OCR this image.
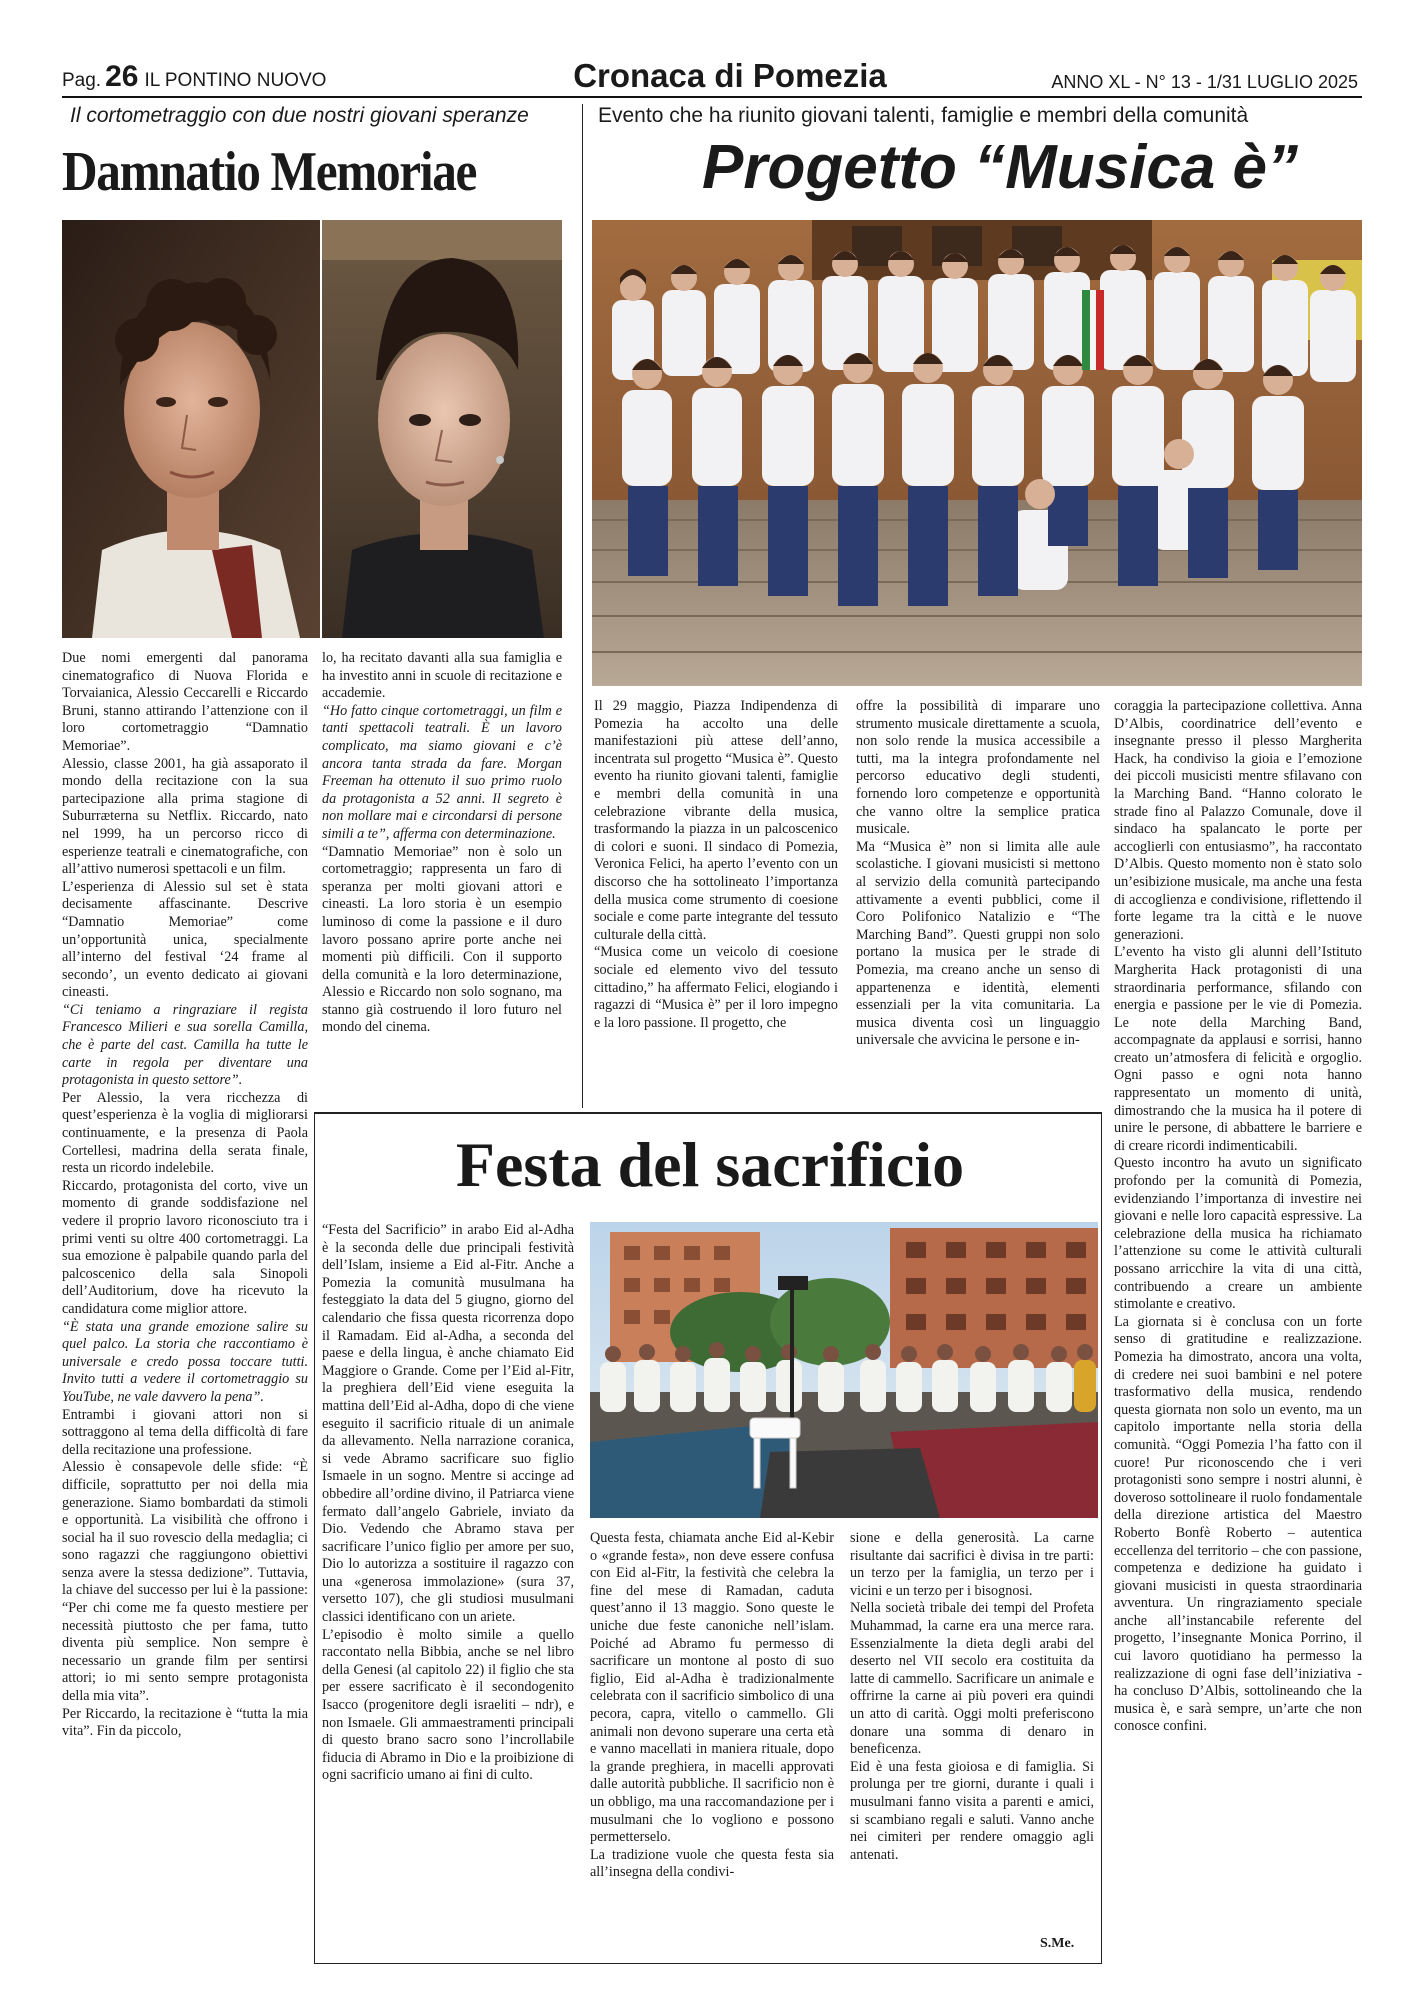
Pag. 26 IL PONTINO NUOVO	Cronaca di Pomezia	ANNO XL - N° 13 - 1/31 LUGLIO 2025
Il cortometraggio con due nostri giovani speranze
Damnatio Memoriae

Due nomi emergenti dal panorama cinematografico di Nuova Florida e Torvaianica, Alessio Ceccarelli e Riccardo Bruni, stanno attirando l’attenzione con il loro cortometraggio “Damnatio Memoriae”.

Alessio, classe 2001, ha già assaporato il mondo della recitazione con la sua partecipazione alla prima stagione di Suburræterna su Netflix. Riccardo, nato nel 1999, ha un percorso ricco di esperienze teatrali e cinematografiche, con all’attivo numerosi spettacoli e un film.

L’esperienza di Alessio sul set è stata decisamente affascinante. Descrive “Damnatio Memoriae” come un’opportunità unica, specialmente all’interno del festival ‘24 frame al secondo’, un evento dedicato ai giovani cineasti.

“Ci teniamo a ringraziare il regista Francesco Milieri e sua sorella Camilla, che è parte del cast. Camilla ha tutte le carte in regola per diventare una protagonista in questo settore”.

Per Alessio, la vera ricchezza di quest’esperienza è la voglia di migliorarsi continuamente, e la presenza di Paola Cortellesi, madrina della serata finale, resta un ricordo indelebile.

Riccardo, protagonista del corto, vive un momento di grande soddisfazione nel vedere il proprio lavoro riconosciuto tra i primi venti su oltre 400 cortometraggi. La sua emozione è palpabile quando parla del palcoscenico della sala Sinopoli dell’Auditorium, dove ha ricevuto la candidatura come miglior attore.

“È stata una grande emozione salire su quel palco. La storia che raccontiamo è universale e credo possa toccare tutti. Invito tutti a vedere il cortometraggio su YouTube, ne vale davvero la pena”.

Entrambi i giovani attori non si sottraggono al tema della difficoltà di fare della recitazione una professione.

Alessio è consapevole delle sfide: “È difficile, soprattutto per noi della mia generazione. Siamo bombardati da stimoli e opportunità. La visibilità che offrono i social ha il suo rovescio della medaglia; ci sono ragazzi che raggiungono obiettivi senza avere la stessa dedizione”. Tuttavia, la chiave del successo per lui è la passione: “Per chi come me fa questo mestiere per necessità piuttosto che per fama, tutto diventa più semplice. Non sempre è necessario un grande film per sentirsi attori; io mi sento sempre protagonista della mia vita”.

Per Riccardo, la recitazione è “tutta la mia vita”. Fin da piccolo,

lo, ha recitato davanti alla sua famiglia e ha investito anni in scuole di recitazione e accademie.

“Ho fatto cinque cortometraggi, un film e tanti spettacoli teatrali. È un lavoro complicato, ma siamo giovani e c’è ancora tanta strada da fare. Morgan Freeman ha ottenuto il suo primo ruolo da protagonista a 52 anni. Il segreto è non mollare mai e circondarsi di persone simili a te”, afferma con determinazione.

“Damnatio Memoriae” non è solo un cortometraggio; rappresenta un faro di speranza per molti giovani attori e cineasti. La loro storia è un esempio luminoso di come la passione e il duro lavoro possano aprire porte anche nei momenti più difficili. Con il supporto della comunità e la loro determinazione, Alessio e Riccardo non solo sognano, ma stanno già costruendo il loro futuro nel mondo del cinema.

Evento che ha riunito giovani talenti, famiglie e membri della comunità
Progetto “Musica è”

Il 29 maggio, Piazza Indipendenza di Pomezia ha accolto una delle manifestazioni più attese dell’anno, incentrata sul progetto “Musica è”. Questo evento ha riunito giovani talenti, famiglie e membri della comunità in una celebrazione vibrante della musica, trasformando la piazza in un palcoscenico di colori e suoni. Il sindaco di Pomezia, Veronica Felici, ha aperto l’evento con un discorso che ha sottolineato l’importanza della musica come strumento di coesione sociale e come parte integrante del tessuto culturale della città.

“Musica come un veicolo di coesione sociale ed elemento vivo del tessuto cittadino,” ha affermato Felici, elogiando i ragazzi di “Musica è” per il loro impegno e la loro passione. Il progetto, che

offre la possibilità di imparare uno strumento musicale direttamente a scuola, non solo rende la musica accessibile a tutti, ma la integra profondamente nel percorso educativo degli studenti, fornendo loro competenze e opportunità che vanno oltre la semplice pratica musicale.

Ma “Musica è” non si limita alle aule scolastiche. I giovani musicisti si mettono al servizio della comunità partecipando attivamente a eventi pubblici, come il Coro Polifonico Natalizio e “The Marching Band”. Questi gruppi non solo portano la musica per le strade di Pomezia, ma creano anche un senso di appartenenza e identità, elementi essenziali per la vita comunitaria. La musica diventa così un linguaggio universale che avvicina le persone e in-

coraggia la partecipazione collettiva. Anna D’Albis, coordinatrice dell’evento e insegnante presso il plesso Margherita Hack, ha condiviso la gioia e l’emozione dei piccoli musicisti mentre sfilavano con la Marching Band. “Hanno colorato le strade fino al Palazzo Comunale, dove il sindaco ha spalancato le porte per accoglierli con entusiasmo”, ha raccontato D’Albis. Questo momento non è stato solo un’esibizione musicale, ma anche una festa di accoglienza e condivisione, riflettendo il forte legame tra la città e le nuove generazioni.

L’evento ha visto gli alunni dell’Istituto Margherita Hack protagonisti di una straordinaria performance, sfilando con energia e passione per le vie di Pomezia. Le note della Marching Band, accompagnate da applausi e sorrisi, hanno creato un’atmosfera di felicità e orgoglio. Ogni passo e ogni nota hanno rappresentato un momento di unità, dimostrando che la musica ha il potere di unire le persone, di abbattere le barriere e di creare ricordi indimenticabili.

Questo incontro ha avuto un significato profondo per la comunità di Pomezia, evidenziando l’importanza di investire nei giovani e nelle loro capacità espressive. La celebrazione della musica ha richiamato l’attenzione su come le attività culturali possano arricchire la vita di una città, contribuendo a creare un ambiente stimolante e creativo.

La giornata si è conclusa con un forte senso di gratitudine e realizzazione. Pomezia ha dimostrato, ancora una volta, di credere nei suoi bambini e nel potere trasformativo della musica, rendendo questa giornata non solo un evento, ma un capitolo importante nella storia della comunità. “Oggi Pomezia l’ha fatto con il cuore! Pur riconoscendo che i veri protagonisti sono sempre i nostri alunni, è doveroso sottolineare il ruolo fondamentale della direzione artistica del Maestro Roberto Bonfè Roberto – autentica eccellenza del territorio – che con passione, competenza e dedizione ha guidato i giovani musicisti in questa straordinaria avventura. Un ringraziamento speciale anche all’instancabile referente del progetto, l’insegnante Monica Porrino, il cui lavoro quotidiano ha permesso la realizzazione di ogni fase dell’iniziativa - ha concluso D’Albis, sottolineando che la musica è, e sarà sempre, un’arte che non conosce confini.

Festa del sacrificio

“Festa del Sacrificio” in arabo Eid al-Adha è la seconda delle due principali festività dell’Islam, insieme a Eid al-Fitr. Anche a Pomezia la comunità musulmana ha festeggiato la data del 5 giugno, giorno del calendario che fissa questa ricorrenza dopo il Ramadam. Eid al-Adha, a seconda del paese e della lingua, è anche chiamato Eid Maggiore o Grande. Come per l’Eid al-Fitr, la preghiera dell’Eid viene eseguita la mattina dell’Eid al-Adha, dopo di che viene eseguito il sacrificio rituale di un animale da allevamento. Nella narrazione coranica, si vede Abramo sacrificare suo figlio Ismaele in un sogno. Mentre si accinge ad obbedire all’ordine divino, il Patriarca viene fermato dall’angelo Gabriele, inviato da Dio. Vedendo che Abramo stava per sacrificare l’unico figlio per amore per suo, Dio lo autorizza a sostituire il ragazzo con una «generosa immolazione» (sura 37, versetto 107), che gli studiosi musulmani classici identificano con un ariete.

L’episodio è molto simile a quello raccontato nella Bibbia, anche se nel libro della Genesi (al capitolo 22) il figlio che sta per essere sacrificato è il secondogenito Isacco (progenitore degli israeliti – ndr), e non Ismaele. Gli ammaestramenti principali di questo brano sacro sono l’incrollabile fiducia di Abramo in Dio e la proibizione di ogni sacrificio umano ai fini di culto.

Questa festa, chiamata anche Eid al-Kebir o «grande festa», non deve essere confusa con Eid al-Fitr, la festività che celebra la fine del mese di Ramadan, caduta quest’anno il 13 maggio. Sono queste le uniche due feste canoniche nell’islam. Poiché ad Abramo fu permesso di sacrificare un montone al posto di suo figlio, Eid al-Adha è tradizionalmente celebrata con il sacrificio simbolico di una pecora, capra, vitello o cammello. Gli animali non devono superare una certa età e vanno macellati in maniera rituale, dopo la grande preghiera, in macelli approvati dalle autorità pubbliche. Il sacrificio non è un obbligo, ma una raccomandazione per i musulmani che lo vogliono e possono permetterselo.

La tradizione vuole che questa festa sia all’insegna della condivi-

sione e della generosità. La carne risultante dai sacrifici è divisa in tre parti: un terzo per la famiglia, un terzo per i vicini e un terzo per i bisognosi.

Nella società tribale dei tempi del Profeta Muhammad, la carne era una merce rara. Essenzialmente la dieta degli arabi del deserto nel VII secolo era costituita da latte di cammello. Sacrificare un animale e offrirne la carne ai più poveri era quindi un atto di carità. Oggi molti preferiscono donare una somma di denaro in beneficenza.

Eid è una festa gioiosa e di famiglia. Si prolunga per tre giorni, durante i quali i musulmani fanno visita a parenti e amici, si scambiano regali e saluti. Vanno anche nei cimiteri per rendere omaggio agli antenati.

S.Me.
